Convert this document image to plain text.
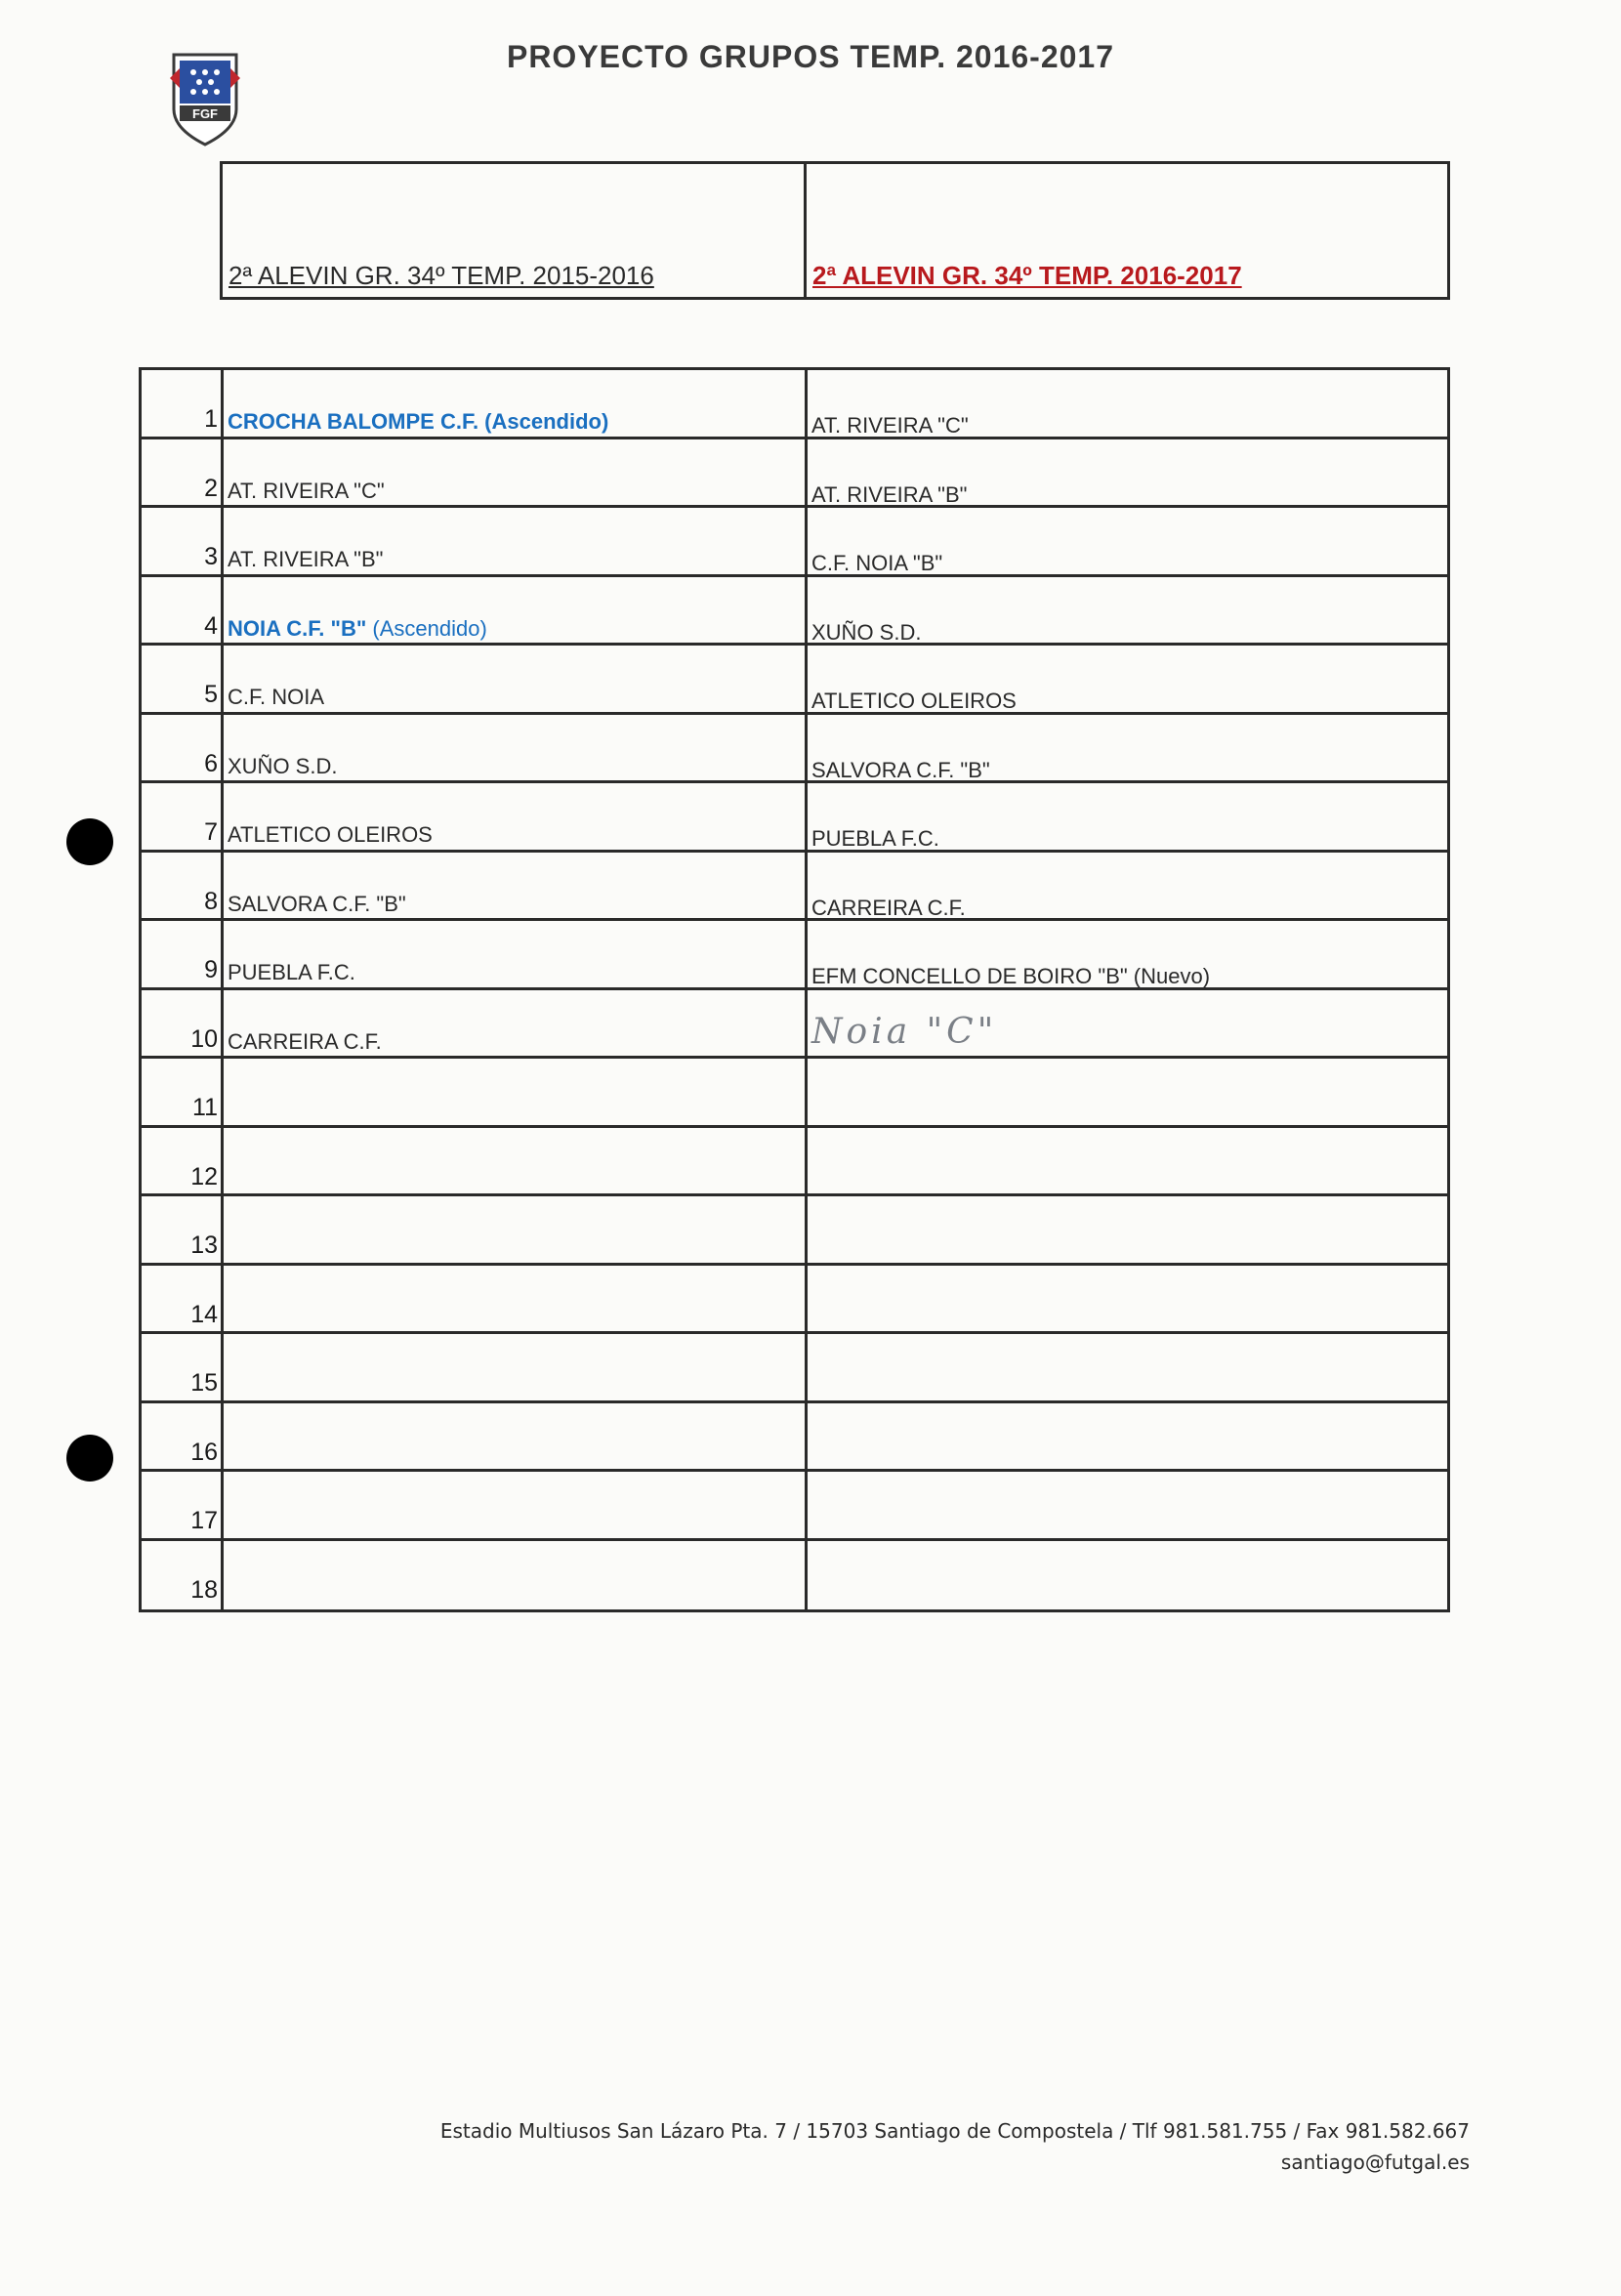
FGF
PROYECTO GRUPOS TEMP. 2016-2017
2ª ALEVIN GR. 34º TEMP. 2015-2016	2ª ALEVIN GR. 34º TEMP. 2016-2017
1 CROCHA BALOMPE C.F. (Ascendido)	AT. RIVEIRA "C"
2 AT. RIVEIRA "C"	AT. RIVEIRA "B"
3 AT. RIVEIRA "B"	C.F. NOIA "B"
4 NOIA C.F. "B" (Ascendido)	XUÑO S.D.
5 C.F. NOIA	ATLETICO OLEIROS
6 XUÑO S.D.	SALVORA C.F. "B"
7 ATLETICO OLEIROS	PUEBLA F.C.
8 SALVORA C.F. "B"	CARREIRA C.F.
9 PUEBLA F.C.	EFM CONCELLO DE BOIRO "B" (Nuevo)
10 CARREIRA C.F.	Noia "C"
11
12
13
14
15
16
17
18
Estadio Multiusos San Lázaro Pta. 7 / 15703 Santiago de Compostela / Tlf 981.581.755 / Fax 981.582.667
santiago@futgal.es
